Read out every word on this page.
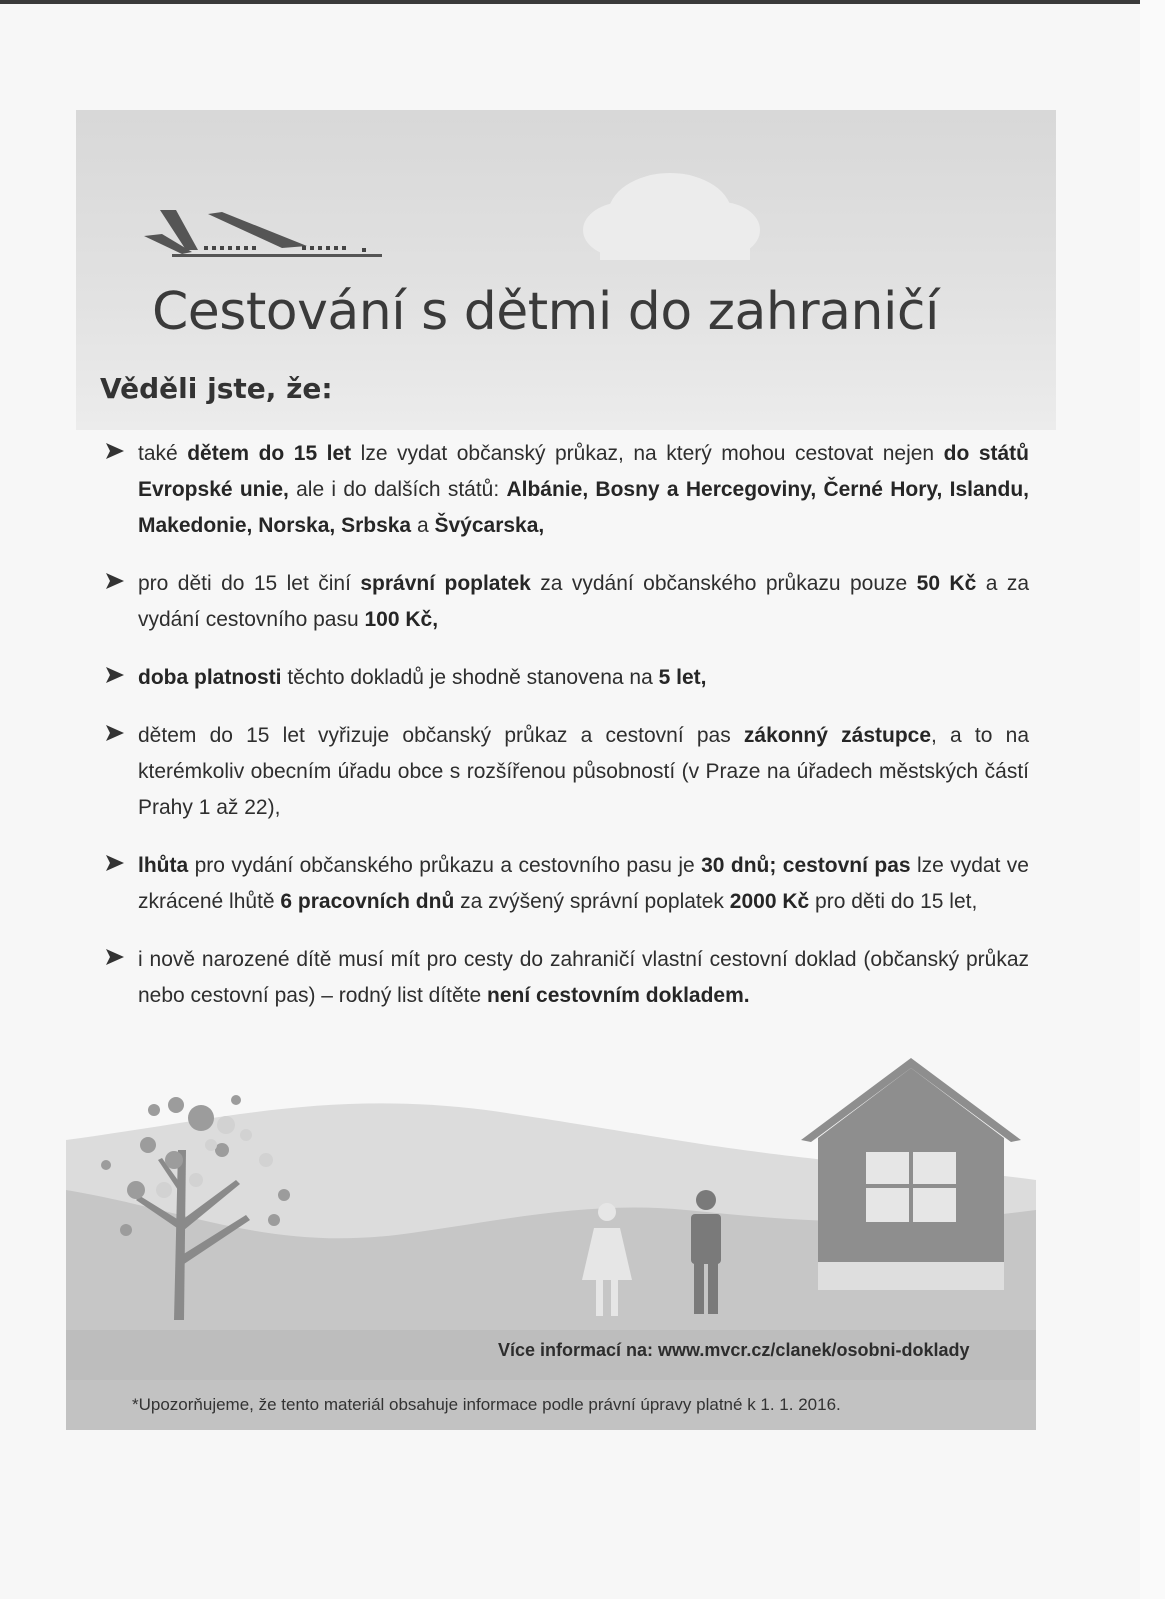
Cestování s dětmi do zahraničí
Věděli jste, že:
také dětem do 15 let lze vydat občanský průkaz, na který mohou cestovat nejen do států Evropské unie, ale i do dalších států: Albánie, Bosny a Hercegoviny, Černé Hory, Islandu, Makedonie, Norska, Srbska a Švýcarska,
pro děti do 15 let činí správní poplatek za vydání občanského průkazu pouze 50 Kč a za vydání cestovního pasu 100 Kč,
doba platnosti těchto dokladů je shodně stanovena na 5 let,
dětem do 15 let vyřizuje občanský průkaz a cestovní pas zákonný zástupce, a to na kterémkoliv obecním úřadu obce s rozšířenou působností (v Praze na úřadech městských částí Prahy 1 až 22),
lhůta pro vydání občanského průkazu a cestovního pasu je 30 dnů; cestovní pas lze vydat ve zkrácené lhůtě 6 pracovních dnů za zvýšený správní poplatek 2000 Kč pro děti do 15 let,
i nově narozené dítě musí mít pro cesty do zahraničí vlastní cestovní doklad (občanský průkaz nebo cestovní pas) – rodný list dítěte není cestovním dokladem.
Více informací na: www.mvcr.cz/clanek/osobni-doklady
*Upozorňujeme, že tento materiál obsahuje informace podle právní úpravy platné k 1. 1. 2016.
